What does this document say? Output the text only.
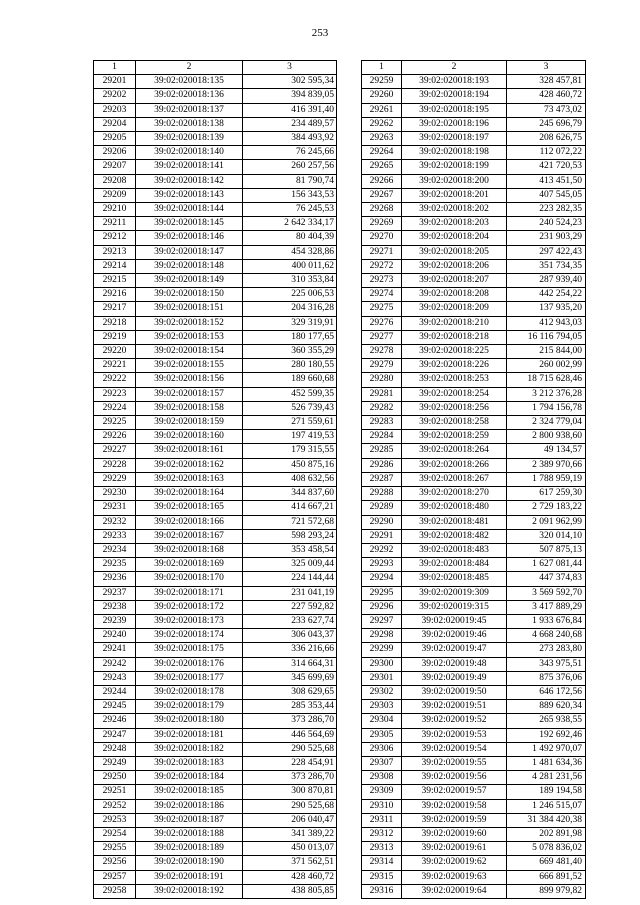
253
1	2	3
29201	39:02:020018:135	302 595,34
29202	39:02:020018:136	394 839,05
29203	39:02:020018:137	416 391,40
29204	39:02:020018:138	234 489,57
29205	39:02:020018:139	384 493,92
29206	39:02:020018:140	76 245,66
29207	39:02:020018:141	260 257,56
29208	39:02:020018:142	81 790,74
29209	39:02:020018:143	156 343,53
29210	39:02:020018:144	76 245,53
29211	39:02:020018:145	2 642 334,17
29212	39:02:020018:146	80 404,39
29213	39:02:020018:147	454 328,86
29214	39:02:020018:148	400 011,62
29215	39:02:020018:149	310 353,84
29216	39:02:020018:150	225 006,53
29217	39:02:020018:151	204 316,28
29218	39:02:020018:152	329 319,91
29219	39:02:020018:153	180 177,65
29220	39:02:020018:154	360 355,29
29221	39:02:020018:155	280 180,55
29222	39:02:020018:156	189 660,68
29223	39:02:020018:157	452 599,35
29224	39:02:020018:158	526 739,43
29225	39:02:020018:159	271 559,61
29226	39:02:020018:160	197 419,53
29227	39:02:020018:161	179 315,55
29228	39:02:020018:162	450 875,16
29229	39:02:020018:163	408 632,56
29230	39:02:020018:164	344 837,60
29231	39:02:020018:165	414 667,21
29232	39:02:020018:166	721 572,68
29233	39:02:020018:167	598 293,24
29234	39:02:020018:168	353 458,54
29235	39:02:020018:169	325 009,44
29236	39:02:020018:170	224 144,44
29237	39:02:020018:171	231 041,19
29238	39:02:020018:172	227 592,82
29239	39:02:020018:173	233 627,74
29240	39:02:020018:174	306 043,37
29241	39:02:020018:175	336 216,66
29242	39:02:020018:176	314 664,31
29243	39:02:020018:177	345 699,69
29244	39:02:020018:178	308 629,65
29245	39:02:020018:179	285 353,44
29246	39:02:020018:180	373 286,70
29247	39:02:020018:181	446 564,69
29248	39:02:020018:182	290 525,68
29249	39:02:020018:183	228 454,91
29250	39:02:020018:184	373 286,70
29251	39:02:020018:185	300 870,81
29252	39:02:020018:186	290 525,68
29253	39:02:020018:187	206 040,47
29254	39:02:020018:188	341 389,22
29255	39:02:020018:189	450 013,07
29256	39:02:020018:190	371 562,51
29257	39:02:020018:191	428 460,72
29258	39:02:020018:192	438 805,85
1	2	3
29259	39:02:020018:193	328 457,81
29260	39:02:020018:194	428 460,72
29261	39:02:020018:195	73 473,02
29262	39:02:020018:196	245 696,79
29263	39:02:020018:197	208 626,75
29264	39:02:020018:198	112 072,22
29265	39:02:020018:199	421 720,53
29266	39:02:020018:200	413 451,50
29267	39:02:020018:201	407 545,05
29268	39:02:020018:202	223 282,35
29269	39:02:020018:203	240 524,23
29270	39:02:020018:204	231 903,29
29271	39:02:020018:205	297 422,43
29272	39:02:020018:206	351 734,35
29273	39:02:020018:207	287 939,40
29274	39:02:020018:208	442 254,22
29275	39:02:020018:209	137 935,20
29276	39:02:020018:210	412 943,03
29277	39:02:020018:218	16 116 794,05
29278	39:02:020018:225	215 844,00
29279	39:02:020018:226	260 002,99
29280	39:02:020018:253	18 715 628,46
29281	39:02:020018:254	3 212 376,28
29282	39:02:020018:256	1 794 156,78
29283	39:02:020018:258	2 324 779,04
29284	39:02:020018:259	2 800 938,60
29285	39:02:020018:264	49 134,57
29286	39:02:020018:266	2 389 970,66
29287	39:02:020018:267	1 788 959,19
29288	39:02:020018:270	617 259,30
29289	39:02:020018:480	2 729 183,22
29290	39:02:020018:481	2 091 962,99
29291	39:02:020018:482	320 014,10
29292	39:02:020018:483	507 875,13
29293	39:02:020018:484	1 627 081,44
29294	39:02:020018:485	447 374,83
29295	39:02:020019:309	3 569 592,70
29296	39:02:020019:315	3 417 889,29
29297	39:02:020019:45	1 933 676,84
29298	39:02:020019:46	4 668 240,68
29299	39:02:020019:47	273 283,80
29300	39:02:020019:48	343 975,51
29301	39:02:020019:49	875 376,06
29302	39:02:020019:50	646 172,56
29303	39:02:020019:51	889 620,34
29304	39:02:020019:52	265 938,55
29305	39:02:020019:53	192 692,46
29306	39:02:020019:54	1 492 970,07
29307	39:02:020019:55	1 481 634,36
29308	39:02:020019:56	4 281 231,56
29309	39:02:020019:57	189 194,58
29310	39:02:020019:58	1 246 515,07
29311	39:02:020019:59	31 384 420,38
29312	39:02:020019:60	202 891,98
29313	39:02:020019:61	5 078 836,02
29314	39:02:020019:62	669 481,40
29315	39:02:020019:63	666 891,52
29316	39:02:020019:64	899 979,82
